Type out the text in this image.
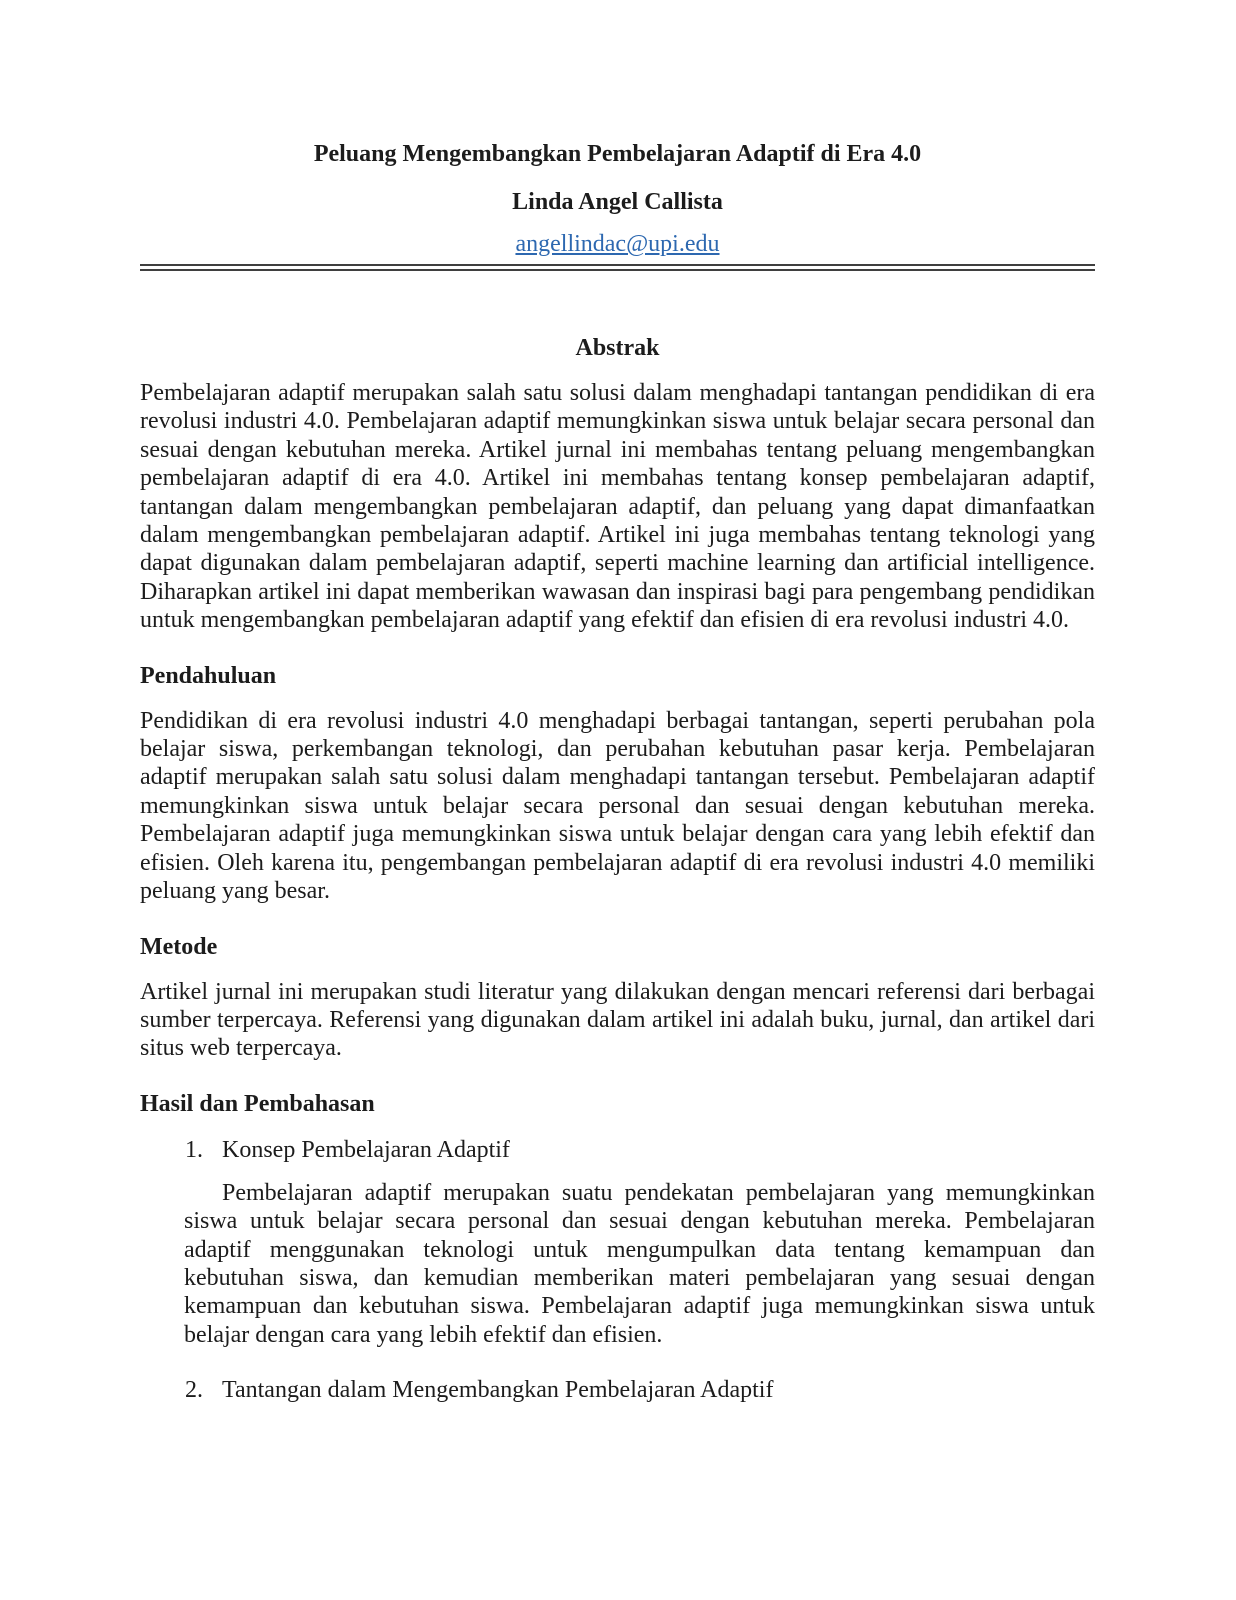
Peluang Mengembangkan Pembelajaran Adaptif di Era 4.0

Linda Angel Callista

angellindac@upi.edu

Abstrak

Pembelajaran adaptif merupakan salah satu solusi dalam menghadapi tantangan pendidikan di era revolusi industri 4.0. Pembelajaran adaptif memungkinkan siswa untuk belajar secara personal dan sesuai dengan kebutuhan mereka. Artikel jurnal ini membahas tentang peluang mengembangkan pembelajaran adaptif di era 4.0. Artikel ini membahas tentang konsep pembelajaran adaptif, tantangan dalam mengembangkan pembelajaran adaptif, dan peluang yang dapat dimanfaatkan dalam mengembangkan pembelajaran adaptif. Artikel ini juga membahas tentang teknologi yang dapat digunakan dalam pembelajaran adaptif, seperti machine learning dan artificial intelligence. Diharapkan artikel ini dapat memberikan wawasan dan inspirasi bagi para pengembang pendidikan untuk mengembangkan pembelajaran adaptif yang efektif dan efisien di era revolusi industri 4.0.

Pendahuluan

Pendidikan di era revolusi industri 4.0 menghadapi berbagai tantangan, seperti perubahan pola belajar siswa, perkembangan teknologi, dan perubahan kebutuhan pasar kerja. Pembelajaran adaptif merupakan salah satu solusi dalam menghadapi tantangan tersebut. Pembelajaran adaptif memungkinkan siswa untuk belajar secara personal dan sesuai dengan kebutuhan mereka. Pembelajaran adaptif juga memungkinkan siswa untuk belajar dengan cara yang lebih efektif dan efisien. Oleh karena itu, pengembangan pembelajaran adaptif di era revolusi industri 4.0 memiliki peluang yang besar.

Metode

Artikel jurnal ini merupakan studi literatur yang dilakukan dengan mencari referensi dari berbagai sumber terpercaya. Referensi yang digunakan dalam artikel ini adalah buku, jurnal, dan artikel dari situs web terpercaya.

Hasil dan Pembahasan
1. Konsep Pembelajaran Adaptif

Pembelajaran adaptif merupakan suatu pendekatan pembelajaran yang memungkinkan siswa untuk belajar secara personal dan sesuai dengan kebutuhan mereka. Pembelajaran adaptif menggunakan teknologi untuk mengumpulkan data tentang kemampuan dan kebutuhan siswa, dan kemudian memberikan materi pembelajaran yang sesuai dengan kemampuan dan kebutuhan siswa. Pembelajaran adaptif juga memungkinkan siswa untuk belajar dengan cara yang lebih efektif dan efisien.

2. Tantangan dalam Mengembangkan Pembelajaran Adaptif
